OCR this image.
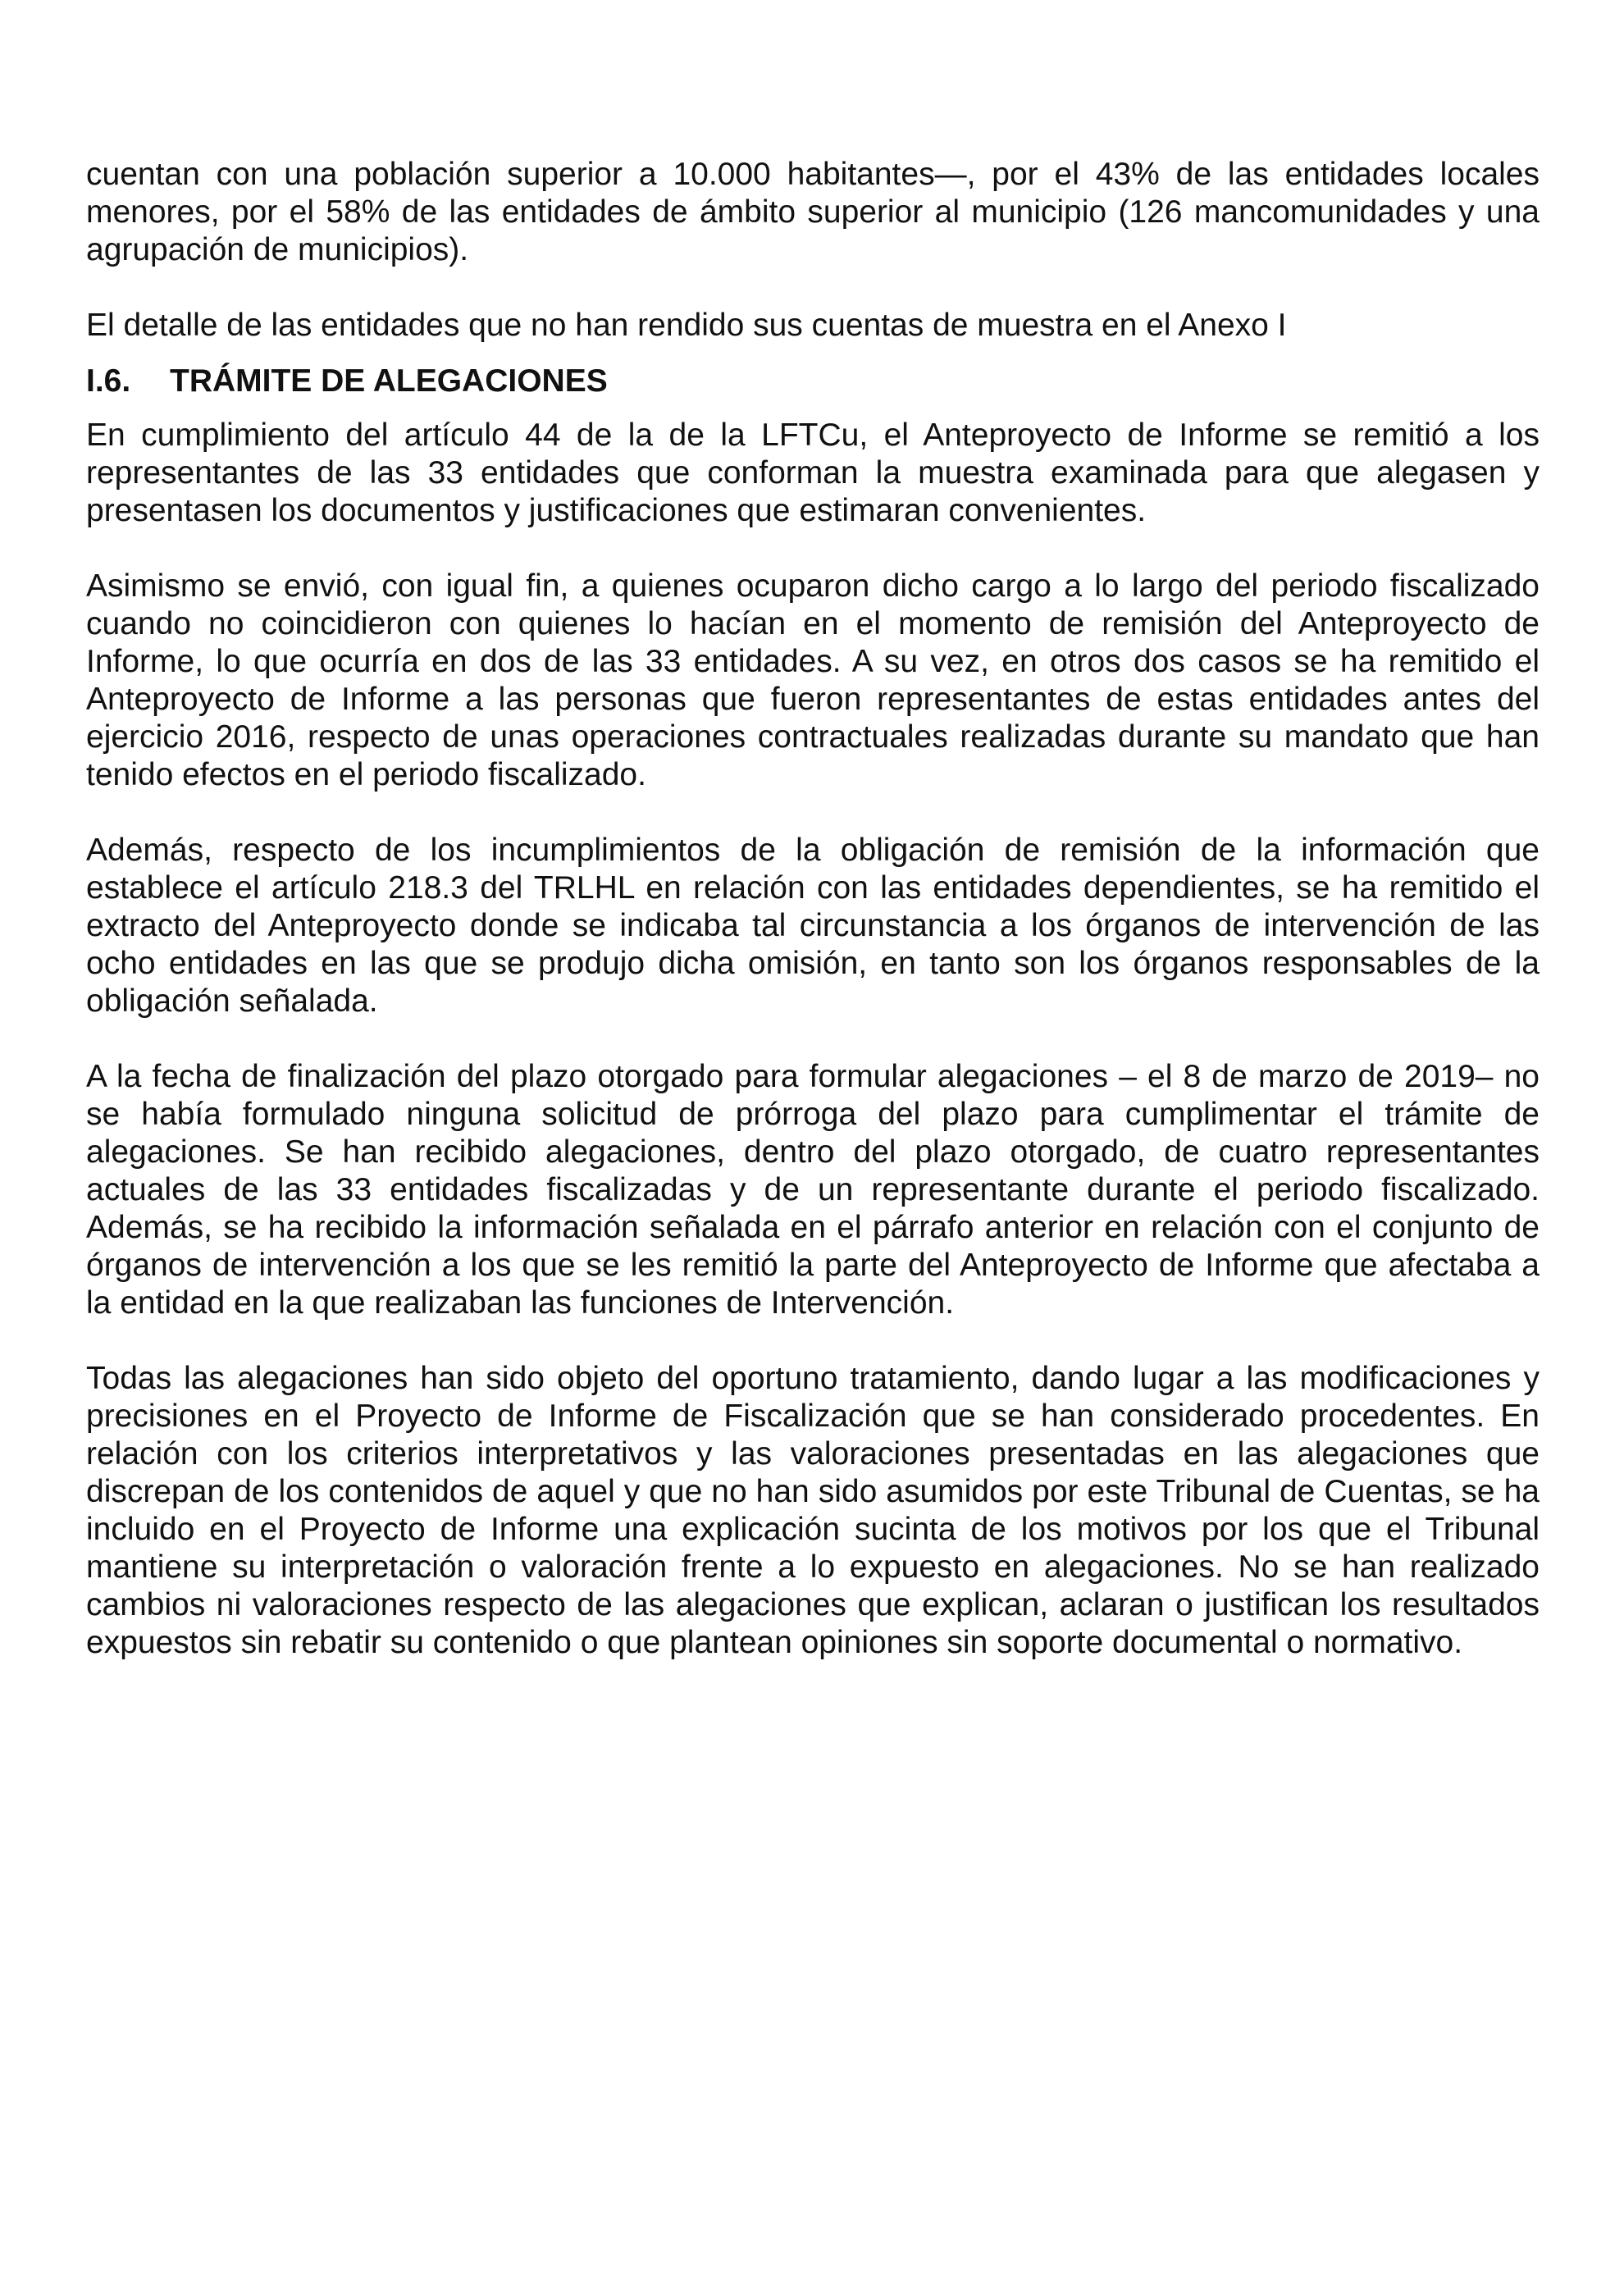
cuentan con una población superior a 10.000 habitantes—, por el 43% de las entidades locales menores, por el 58% de las entidades de ámbito superior al municipio (126 mancomunidades y una agrupación de municipios).

El detalle de las entidades que no han rendido sus cuentas de muestra en el Anexo I

I.6.	TRÁMITE DE ALEGACIONES

En cumplimiento del artículo 44 de la de la LFTCu, el Anteproyecto de Informe se remitió a los representantes de las 33 entidades que conforman la muestra examinada para que alegasen y presentasen los documentos y justificaciones que estimaran convenientes.

Asimismo se envió, con igual fin, a quienes ocuparon dicho cargo a lo largo del periodo fiscalizado cuando no coincidieron con quienes lo hacían en el momento de remisión del Anteproyecto de Informe, lo que ocurría en dos de las 33 entidades. A su vez, en otros dos casos se ha remitido el Anteproyecto de Informe a las personas que fueron representantes de estas entidades antes del ejercicio 2016, respecto de unas operaciones contractuales realizadas durante su mandato que han tenido efectos en el periodo fiscalizado.

Además, respecto de los incumplimientos de la obligación de remisión de la información que establece el artículo 218.3 del TRLHL en relación con las entidades dependientes, se ha remitido el extracto del Anteproyecto donde se indicaba tal circunstancia a los órganos de intervención de las ocho entidades en las que se produjo dicha omisión, en tanto son los órganos responsables de la obligación señalada.

A la fecha de finalización del plazo otorgado para formular alegaciones – el 8 de marzo de 2019– no se había formulado ninguna solicitud de prórroga del plazo para cumplimentar el trámite de alegaciones. Se han recibido alegaciones, dentro del plazo otorgado, de cuatro representantes actuales de las 33 entidades fiscalizadas y de un representante durante el periodo fiscalizado. Además, se ha recibido la información señalada en el párrafo anterior en relación con el conjunto de órganos de intervención a los que se les remitió la parte del Anteproyecto de Informe que afectaba a la entidad en la que realizaban las funciones de Intervención.

Todas las alegaciones han sido objeto del oportuno tratamiento, dando lugar a las modificaciones y precisiones en el Proyecto de Informe de Fiscalización que se han considerado procedentes. En relación con los criterios interpretativos y las valoraciones presentadas en las alegaciones que discrepan de los contenidos de aquel y que no han sido asumidos por este Tribunal de Cuentas, se ha incluido en el Proyecto de Informe una explicación sucinta de los motivos por los que el Tribunal mantiene su interpretación o valoración frente a lo expuesto en alegaciones. No se han realizado cambios ni valoraciones respecto de las alegaciones que explican, aclaran o justifican los resultados expuestos sin rebatir su contenido o que plantean opiniones sin soporte documental o normativo.
